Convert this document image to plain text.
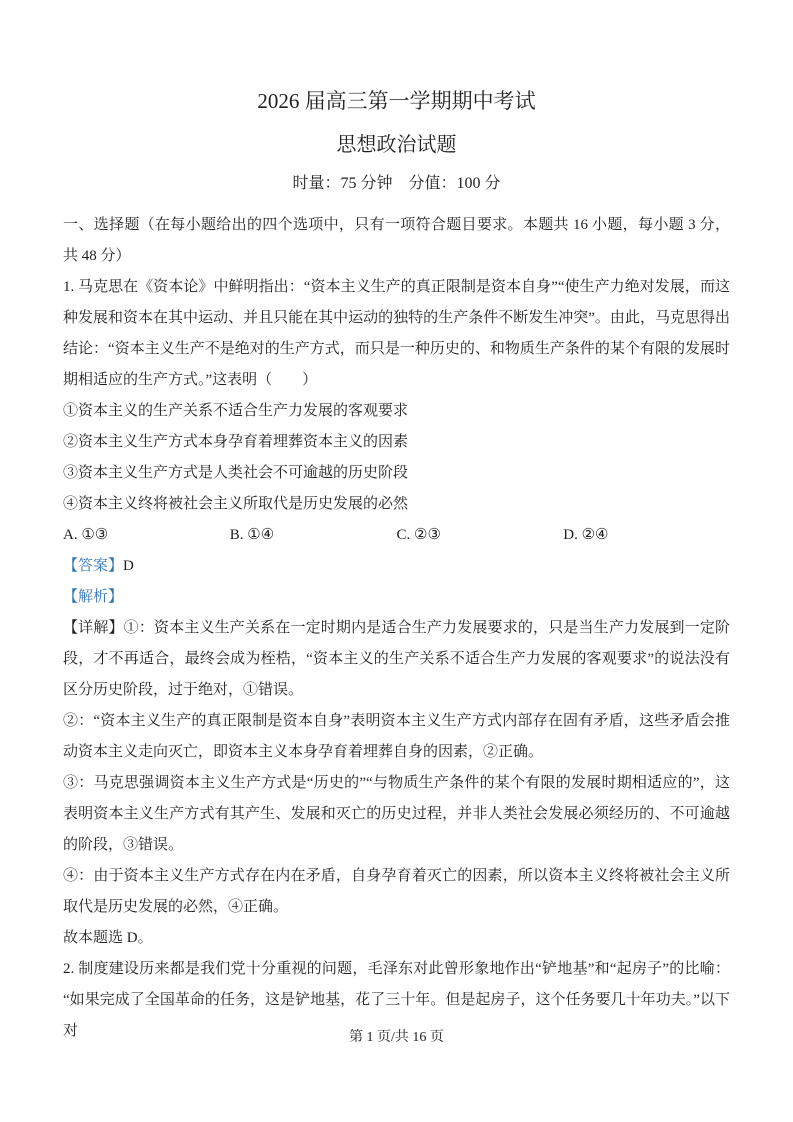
2026 届高三第一学期期中考试
思想政治试题
时量：75 分钟　分值：100 分

一、选择题（在每小题给出的四个选项中，只有一项符合题目要求。本题共 16 小题，每小题 3 分，共 48 分）

1. 马克思在《资本论》中鲜明指出：“资本主义生产的真正限制是资本自身”“使生产力绝对发展，而这种发展和资本在其中运动、并且只能在其中运动的独特的生产条件不断发生冲突”。由此，马克思得出结论：“资本主义生产不是绝对的生产方式，而只是一种历史的、和物质生产条件的某个有限的发展时期相适应的生产方式。”这表明（　　）

①资本主义的生产关系不适合生产力发展的客观要求

②资本主义生产方式本身孕育着埋葬资本主义的因素

③资本主义生产方式是人类社会不可逾越的历史阶段

④资本主义终将被社会主义所取代是历史发展的必然

A. ①③	B. ①④	C. ②③	D. ②④

【答案】D

【解析】

【详解】①：资本主义生产关系在一定时期内是适合生产力发展要求的，只是当生产力发展到一定阶段，才不再适合，最终会成为桎梏，“资本主义的生产关系不适合生产力发展的客观要求”的说法没有区分历史阶段，过于绝对，①错误。

②：“资本主义生产的真正限制是资本自身”表明资本主义生产方式内部存在固有矛盾，这些矛盾会推动资本主义走向灭亡，即资本主义本身孕育着埋葬自身的因素，②正确。

③：马克思强调资本主义生产方式是“历史的”“与物质生产条件的某个有限的发展时期相适应的”，这表明资本主义生产方式有其产生、发展和灭亡的历史过程，并非人类社会发展必须经历的、不可逾越的阶段，③错误。

④：由于资本主义生产方式存在内在矛盾，自身孕育着灭亡的因素，所以资本主义终将被社会主义所取代是历史发展的必然，④正确。

故本题选 D。

2. 制度建设历来都是我们党十分重视的问题，毛泽东对此曾形象地作出“铲地基”和“起房子”的比喻：“如果完成了全国革命的任务，这是铲地基，花了三十年。但是起房子，这个任务要几十年功夫。”以下对	第 1 页/共 16 页
